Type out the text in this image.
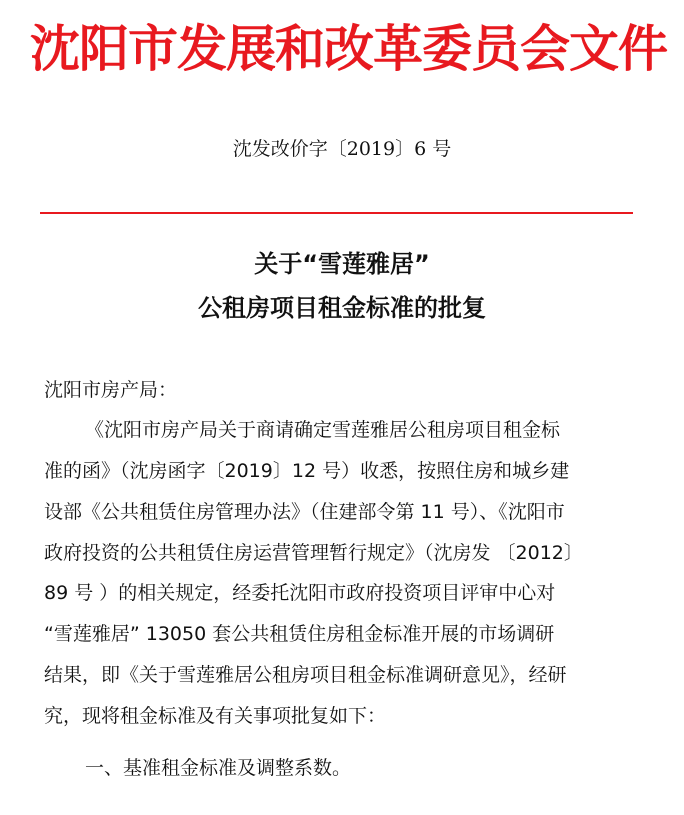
沈阳市发展和改革委员会文件
沈发改价字〔2019〕6 号
关于“雪莲雅居”
公租房项目租金标准的批复
沈阳市房产局：
《沈阳市房产局关于商请确定雪莲雅居公租房项目租金标
准的函》（沈房函字〔2019〕12 号）收悉，按照住房和城乡建
设部《公共租赁住房管理办法》（住建部令第 11 号）、《沈阳市
政府投资的公共租赁住房运营管理暂行规定》（沈房发 〔2012〕
89 号 ）的相关规定，经委托沈阳市政府投资项目评审中心对
“雪莲雅居” 13050 套公共租赁住房租金标准开展的市场调研
结果，即《关于雪莲雅居公租房项目租金标准调研意见》，经研
究，现将租金标准及有关事项批复如下：
一、基准租金标准及调整系数。
